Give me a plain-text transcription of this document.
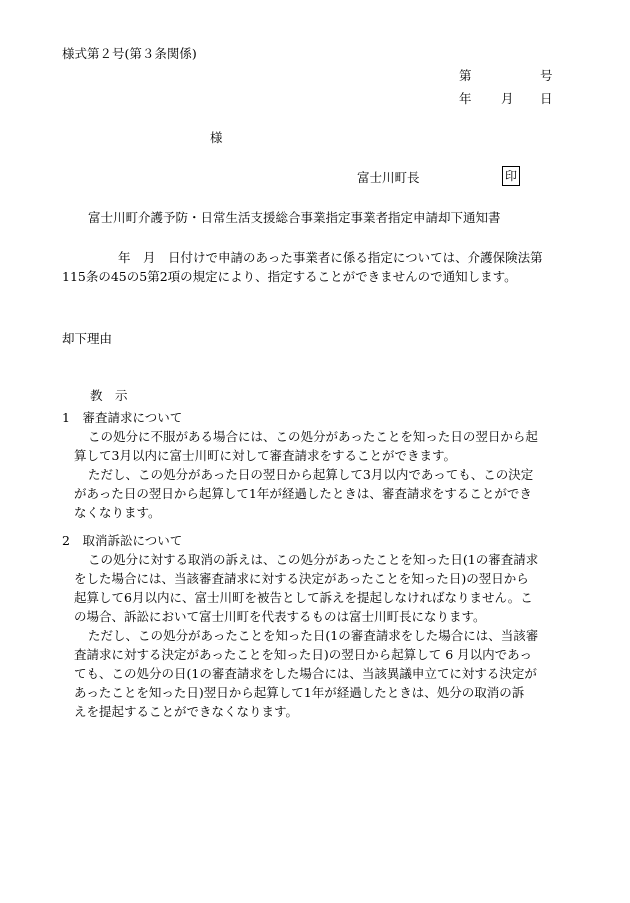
様式第２号(第３条関係)
第	号
年 月 日
様
富士川町長	印
富士川町介護予防・日常生活支援総合事業指定事業者指定申請却下通知書

年　月　日付けで申請のあった事業者に係る指定については、介護保険法第

115条の45の5第2項の規定により、指定することができませんので通知します。

却下理由
教　示
1　審査請求について

この処分に不服がある場合には、この処分があったことを知った日の翌日から起

算して3月以内に富士川町に対して審査請求をすることができます。

ただし、この処分があった日の翌日から起算して3月以内であっても、この決定

があった日の翌日から起算して1年が経過したときは、審査請求をすることができ

なくなります。

2　取消訴訟について

この処分に対する取消の訴えは、この処分があったことを知った日(1の審査請求

をした場合には、当該審査請求に対する決定があったことを知った日)の翌日から

起算して6月以内に、富士川町を被告として訴えを提起しなければなりません。こ

の場合、訴訟において富士川町を代表するものは富士川町長になります。

ただし、この処分があったことを知った日(1の審査請求をした場合には、当該審

査請求に対する決定があったことを知った日)の翌日から起算して 6 月以内であっ

ても、この処分の日(1の審査請求をした場合には、当該異議申立てに対する決定が

あったことを知った日)翌日から起算して1年が経過したときは、処分の取消の訴

えを提起することができなくなります。
